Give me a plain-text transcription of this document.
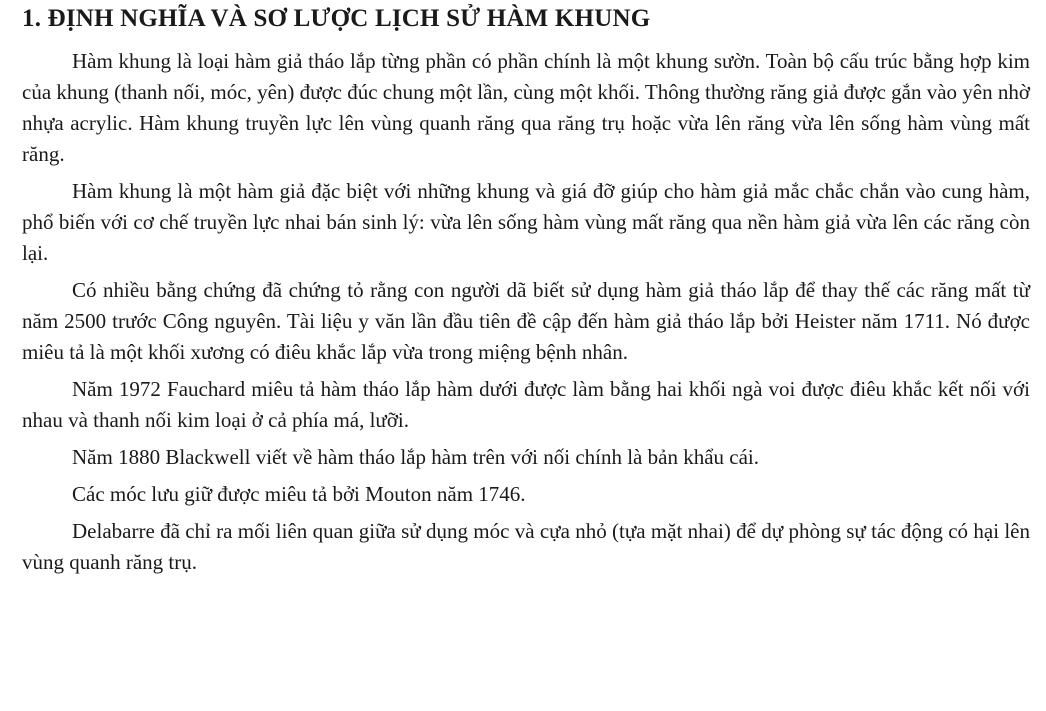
1. ĐỊNH NGHĨA VÀ SƠ LƯỢC LỊCH SỬ HÀM KHUNG

Hàm khung là loại hàm giả tháo lắp từng phần có phần chính là một khung sườn. Toàn bộ cấu trúc bằng hợp kim của khung (thanh nối, móc, yên) được đúc chung một lần, cùng một khối. Thông thường răng giả được gắn vào yên nhờ nhựa acrylic. Hàm khung truyền lực lên vùng quanh răng qua răng trụ hoặc vừa lên răng vừa lên sống hàm vùng mất răng.

Hàm khung là một hàm giả đặc biệt với những khung và giá đỡ giúp cho hàm giả mắc chắc chắn vào cung hàm, phổ biến với cơ chế truyền lực nhai bán sinh lý: vừa lên sống hàm vùng mất răng qua nền hàm giả vừa lên các răng còn lại.

Có nhiều bằng chứng đã chứng tỏ rằng con người dã biết sử dụng hàm giả tháo lắp để thay thế các răng mất từ năm 2500 trước Công nguyên. Tài liệu y văn lần đầu tiên đề cập đến hàm giả tháo lắp bởi Heister năm 1711. Nó được miêu tả là một khối xương có điêu khắc lắp vừa trong miệng bệnh nhân.

Năm 1972 Fauchard miêu tả hàm tháo lắp hàm dưới được làm bằng hai khối ngà voi được điêu khắc kết nối với nhau và thanh nối kim loại ở cả phía má, lưỡi.

Năm 1880 Blackwell viết về hàm tháo lắp hàm trên với nối chính là bản khẩu cái.

Các móc lưu giữ được miêu tả bởi Mouton năm 1746.

Delabarre đã chỉ ra mối liên quan giữa sử dụng móc và cựa nhỏ (tựa mặt nhai) để dự phòng sự tác động có hại lên vùng quanh răng trụ.
